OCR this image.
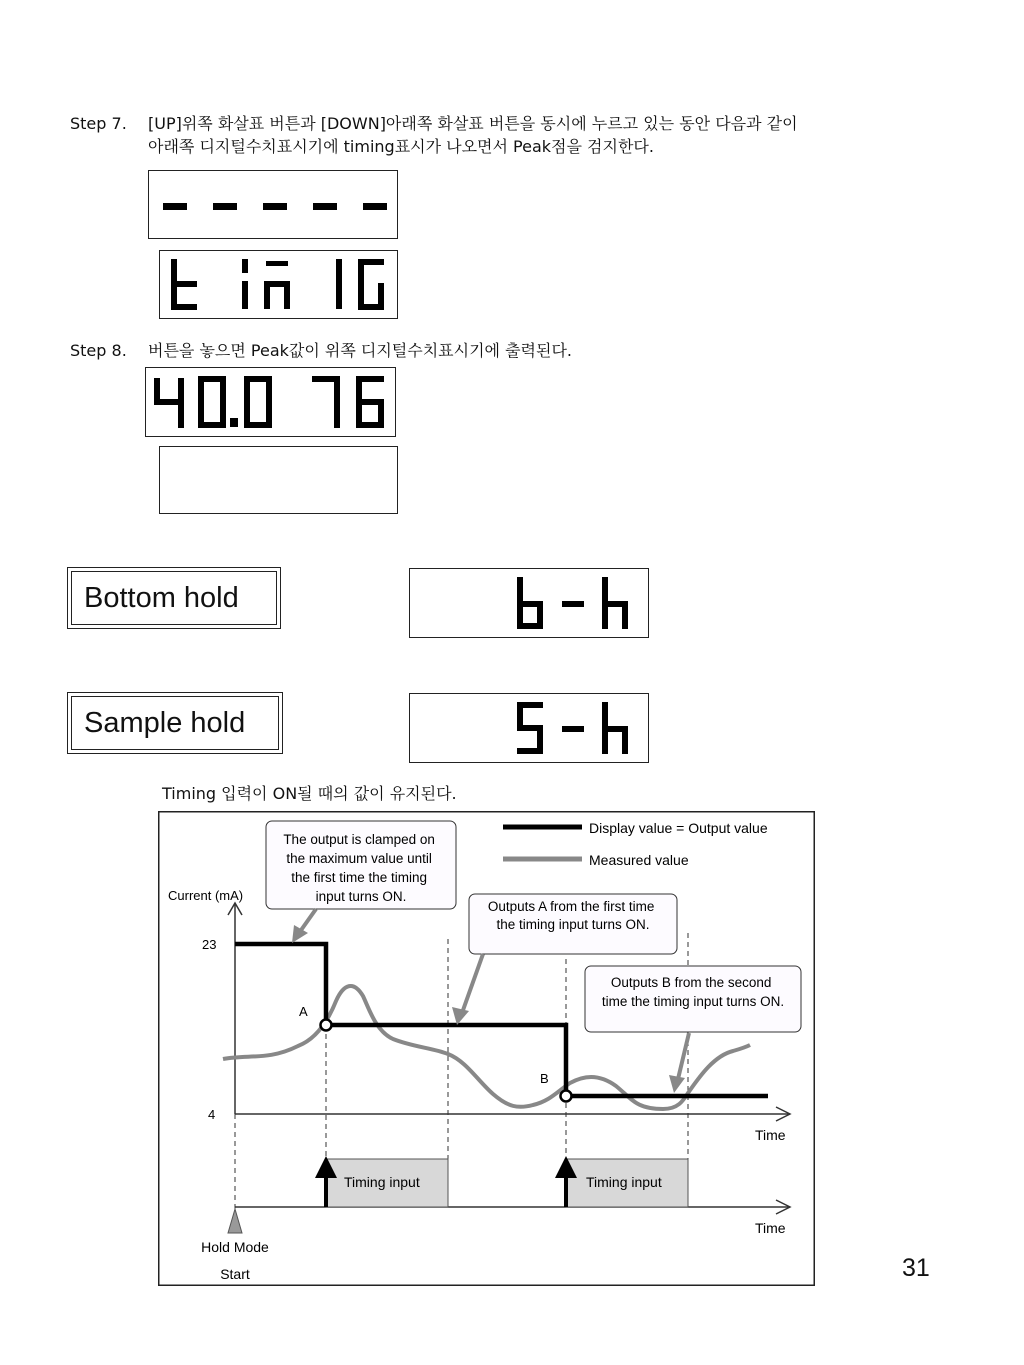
Step 7. [UP]위쪽 화살표 버튼과 [DOWN]아래쪽 화살표 버튼을 동시에 누르고 있는 동안 다음과 같이
아래쪽 디지털수치표시기에 timing표시가 나오면서 Peak점을 검지한다.
Step 8. 버튼을 놓으면 Peak값이 위쪽 디지털수치표시기에 출력된다.
Bottom hold
Sample hold
Timing 입력이 ON될 때의 값이 유지된다.
Display value = Output value
Measured value
Current (mA)
23
4
Time
A
B
The output is clamped on the maximum value until the first time the timing input turns ON.
Outputs A from the first time the timing input turns ON.
Outputs B from the second time the timing input turns ON.
Time
Timing input	Timing input
Hold Mode
Start	31
